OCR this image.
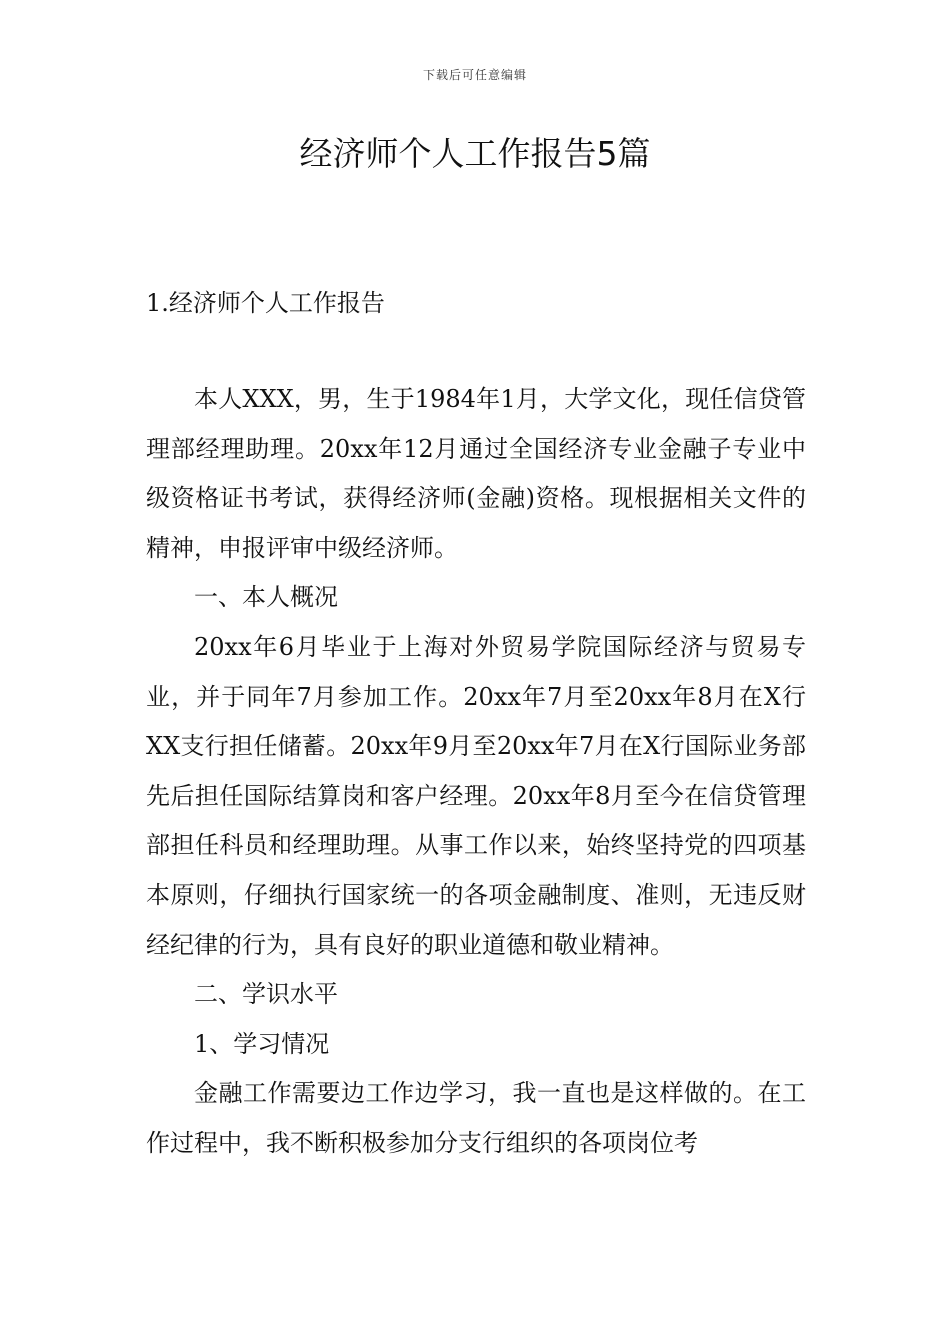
下载后可任意编辑
经济师个人工作报告5篇
1.经济师个人工作报告

本人XXX，男，生于1984年1月，大学文化，现任信贷管理部经理助理。20xx年12月通过全国经济专业金融子专业中级资格证书考试，获得经济师(金融)资格。现根据相关文件的精神，申报评审中级经济师。

一、本人概况

20xx年6月毕业于上海对外贸易学院国际经济与贸易专业，并于同年7月参加工作。20xx年7月至20xx年8月在X行XX支行担任储蓄。20xx年9月至20xx年7月在X行国际业务部先后担任国际结算岗和客户经理。20xx年8月至今在信贷管理部担任科员和经理助理。从事工作以来，始终坚持党的四项基本原则，仔细执行国家统一的各项金融制度、准则，无违反财经纪律的行为，具有良好的职业道德和敬业精神。

二、学识水平

1、学习情况

金融工作需要边工作边学习，我一直也是这样做的。在工作过程中，我不断积极参加分支行组织的各项岗位考
